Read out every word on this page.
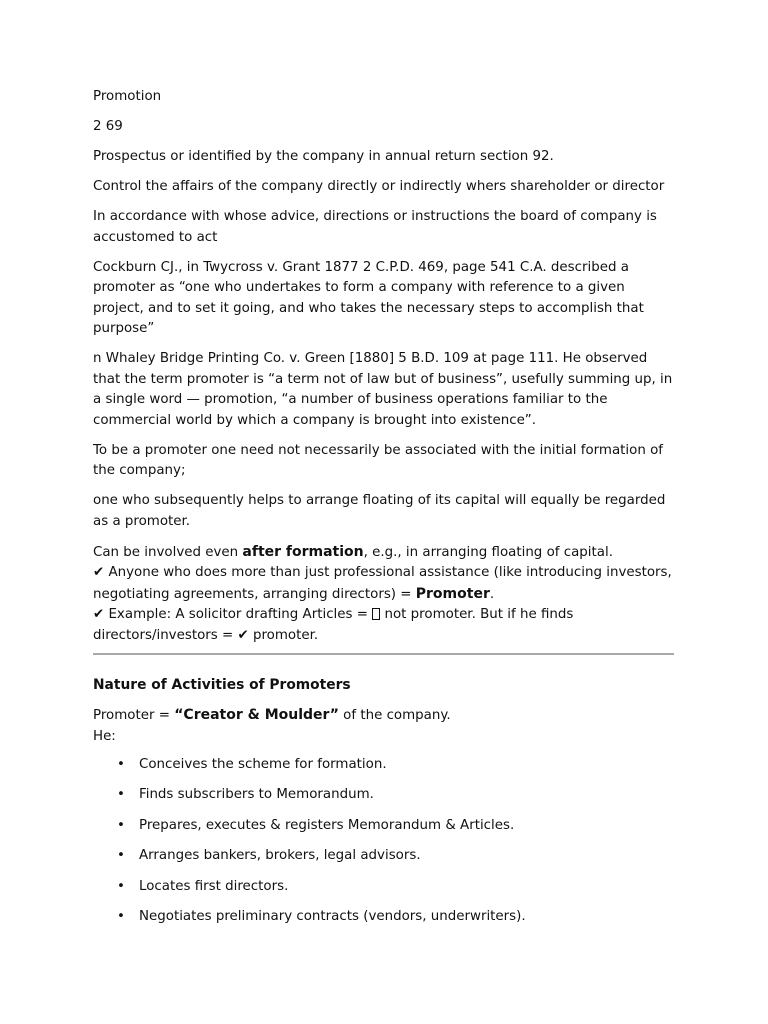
Promotion

2 69

Prospectus or identified by the company in annual return section 92.

Control the affairs of the company directly or indirectly whers shareholder or director

In accordance with whose advice, directions or instructions the board of company is accustomed to act

Cockburn CJ., in Twycross v. Grant 1877 2 C.P.D. 469, page 541 C.A. described a promoter as “one who undertakes to form a company with reference to a given project, and to set it going, and who takes the necessary steps to accomplish that purpose”

n Whaley Bridge Printing Co. v. Green [1880] 5 B.D. 109 at page 111. He observed that the term promoter is “a term not of law but of business”, usefully summing up, in a single word — promotion, “a number of business operations familiar to the commercial world by which a company is brought into existence”.

To be a promoter one need not necessarily be associated with the initial formation of the company;

one who subsequently helps to arrange floating of its capital will equally be regarded as a promoter.

Can be involved even after formation, e.g., in arranging floating of capital.
✔ Anyone who does more than just professional assistance (like introducing investors, negotiating agreements, arranging directors) = Promoter.
✔ Example: A solicitor drafting Articles =  not promoter. But if he finds directors/investors = ✔ promoter.

Nature of Activities of Promoters

Promoter = “Creator & Moulder” of the company.
He:

• Conceives the scheme for formation.
• Finds subscribers to Memorandum.
• Prepares, executes & registers Memorandum & Articles.
• Arranges bankers, brokers, legal advisors.
• Locates first directors.
• Negotiates preliminary contracts (vendors, underwriters).
